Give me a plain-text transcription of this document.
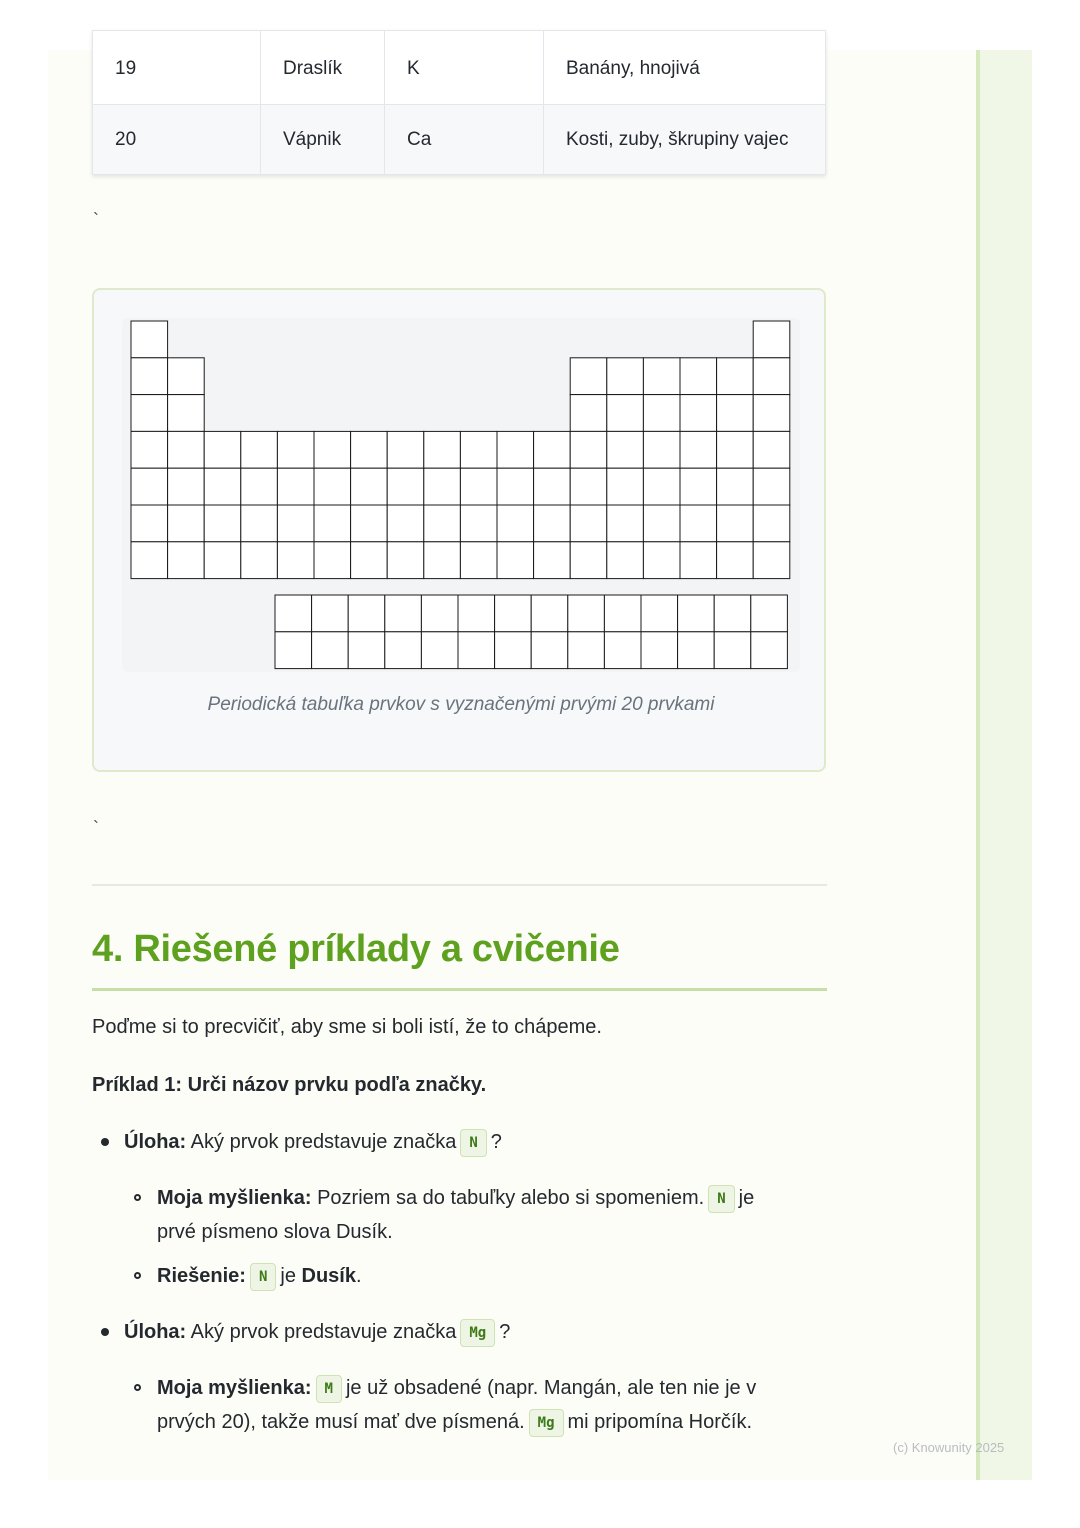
19	Draslík	K	Banány, hnojivá
20	Vápnik	Ca	Kosti, zuby, škrupiny vajec
`
Periodická tabuľka prvkov s vyznačenými prvými 20 prvkami
`
4. Riešené príklady a cvičenie
Poďme si to precvičiť, aby sme si boli istí, že to chápeme.
Príklad 1: Urči názov prvku podľa značky.
Úloha: Aký prvok predstavuje značka N ?
Moja myšlienka: Pozriem sa do tabuľky alebo si spomeniem. N je
prvé písmeno slova Dusík.
Riešenie: N je Dusík.
Úloha: Aký prvok predstavuje značka Mg ?
Moja myšlienka: M je už obsadené (napr. Mangán, ale ten nie je v
prvých 20), takže musí mať dve písmená. Mg mi pripomína Horčík.
(c) Knowunity 2025
